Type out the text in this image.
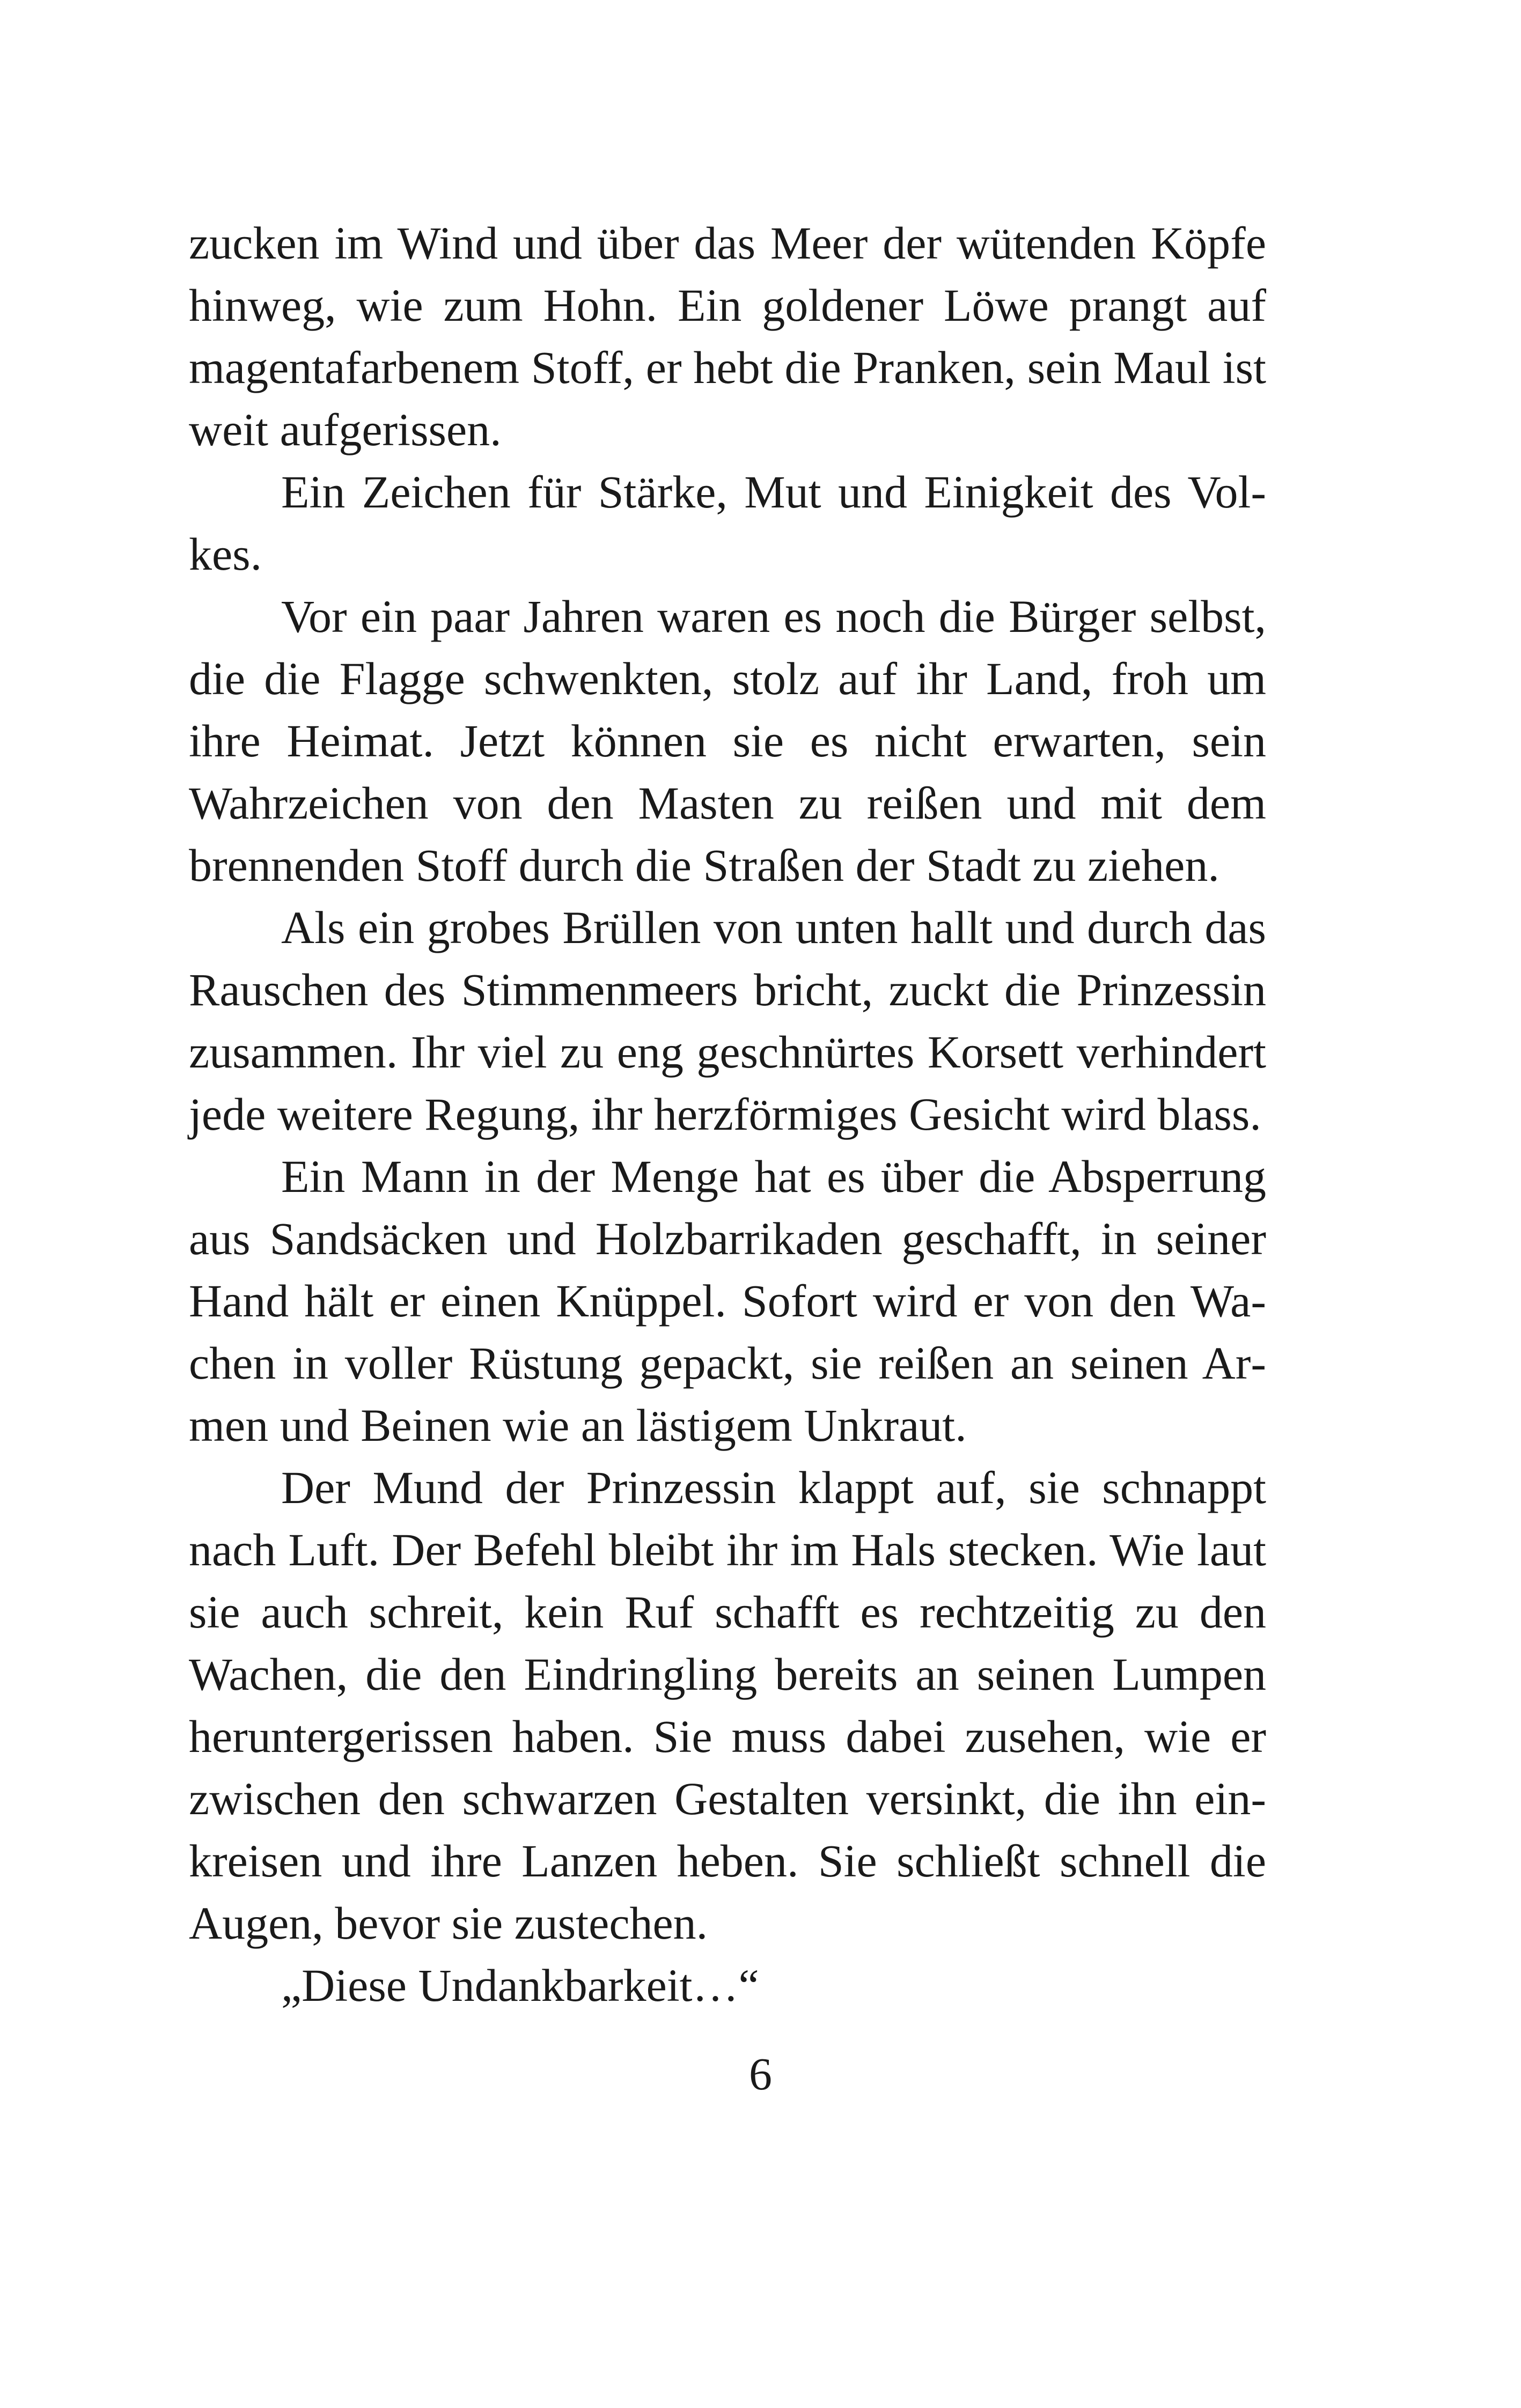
zucken im Wind und über das Meer der wütenden Köpfe hinweg, wie zum Hohn. Ein goldener Löwe prangt auf magentafarbenem Stoff, er hebt die Pranken, sein Maul ist weit aufgerissen.

Ein Zeichen für Stärke, Mut und Einigkeit des Volkes.

Vor ein paar Jahren waren es noch die Bürger selbst, die die Flagge schwenkten, stolz auf ihr Land, froh um ihre Heimat. Jetzt können sie es nicht erwarten, sein Wahrzeichen von den Masten zu reißen und mit dem brennenden Stoff durch die Straßen der Stadt zu ziehen.

Als ein grobes Brüllen von unten hallt und durch das Rauschen des Stimmenmeers bricht, zuckt die Prinzessin zusammen. Ihr viel zu eng geschnürtes Korsett verhindert jede weitere Regung, ihr herzförmiges Gesicht wird blass.

Ein Mann in der Menge hat es über die Absperrung aus Sandsäcken und Holzbarrikaden geschafft, in seiner Hand hält er einen Knüppel. Sofort wird er von den Wachen in voller Rüstung gepackt, sie reißen an seinen Armen und Beinen wie an lästigem Unkraut.

Der Mund der Prinzessin klappt auf, sie schnappt nach Luft. Der Befehl bleibt ihr im Hals stecken. Wie laut sie auch schreit, kein Ruf schafft es rechtzeitig zu den Wachen, die den Eindringling bereits an seinen Lumpen heruntergerissen haben. Sie muss dabei zusehen, wie er zwischen den schwarzen Gestalten versinkt, die ihn einkreisen und ihre Lanzen heben. Sie schließt schnell die Augen, bevor sie zustechen.

„Diese Undankbarkeit…“

6
